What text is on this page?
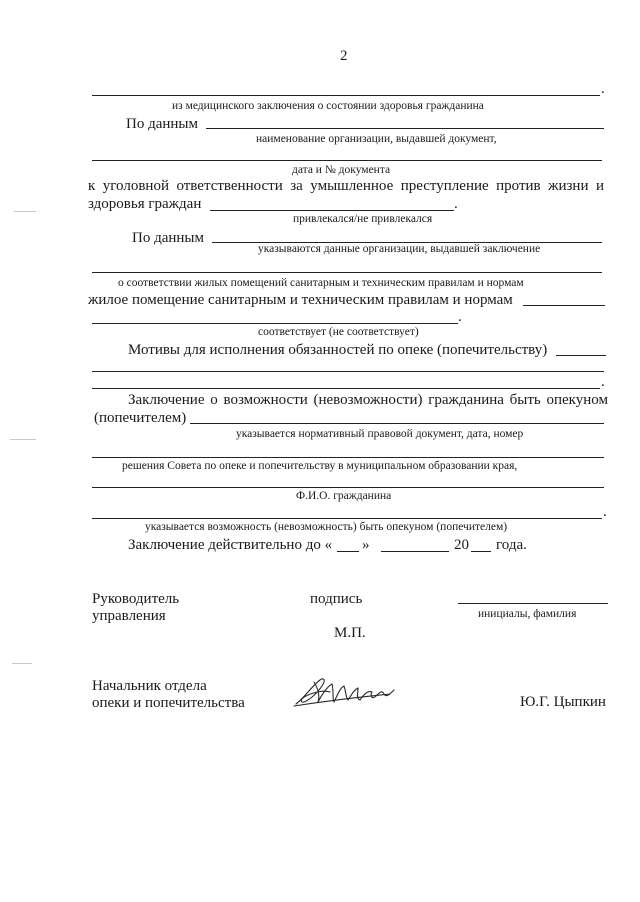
2
.
из медицинского заключения о состоянии здоровья гражданина
По данным
наименование организации, выдавшей документ,
дата и № документа
к уголовной ответственности за умышленное преступление против жизни и
здоровья граждан	.
привлекался/не привлекался
По данным
указываются данные организации, выдавшей заключение
о соответствии жилых помещений санитарным и техническим правилам и нормам
жилое помещение санитарным и техническим правилам и нормам
.
соответствует (не соответствует)
Мотивы для исполнения обязанностей по опеке (попечительству)
.
Заключение о возможности (невозможности) гражданина быть опекуном
(попечителем)
указывается нормативный правовой документ, дата, номер
решения Совета по опеке и попечительству в муниципальном образовании края,
Ф.И.О. гражданина
.
указывается возможность (невозможность) быть опекуном (попечителем)
Заключение действительно до « »	20 года.
Руководитель
управления
подпись
инициалы, фамилия
М.П.
Начальник отдела
опеки и попечительства	Ю.Г. Цыпкин
